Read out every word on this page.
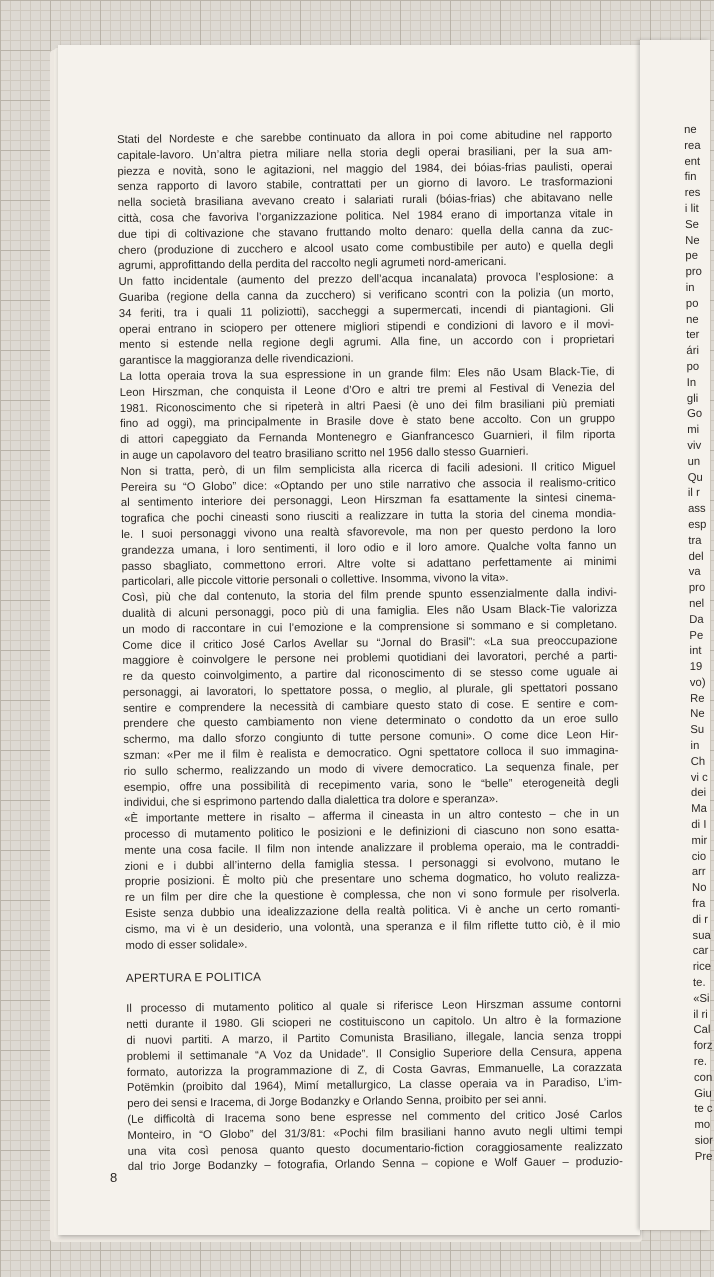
Stati del Nordeste e che sarebbe continuato da allora in poi come abitudine nel rapporto
capitale-lavoro. Un’altra pietra miliare nella storia degli operai brasiliani, per la sua am-
piezza e novità, sono le agitazioni, nel maggio del 1984, dei bóias-frias paulisti, operai
senza rapporto di lavoro stabile, contrattati per un giorno di lavoro. Le trasformazioni
nella società brasiliana avevano creato i salariati rurali (bóias-frias) che abitavano nelle
città, cosa che favoriva l’organizzazione politica. Nel 1984 erano di importanza vitale in
due tipi di coltivazione che stavano fruttando molto denaro: quella della canna da zuc-
chero (produzione di zucchero e alcool usato come combustibile per auto) e quella degli
agrumi, approfittando della perdita del raccolto negli agrumeti nord-americani.
Un fatto incidentale (aumento del prezzo dell’acqua incanalata) provoca l’esplosione: a
Guariba (regione della canna da zucchero) si verificano scontri con la polizia (un morto,
34 feriti, tra i quali 11 poliziotti), saccheggi a supermercati, incendi di piantagioni. Gli
operai entrano in sciopero per ottenere migliori stipendi e condizioni di lavoro e il movi-
mento si estende nella regione degli agrumi. Alla fine, un accordo con i proprietari
garantisce la maggioranza delle rivendicazioni.
La lotta operaia trova la sua espressione in un grande film: Eles não Usam Black-Tie, di
Leon Hirszman, che conquista il Leone d’Oro e altri tre premi al Festival di Venezia del
1981. Riconoscimento che si ripeterà in altri Paesi (è uno dei film brasiliani più premiati
fino ad oggi), ma principalmente in Brasile dove è stato bene accolto. Con un gruppo
di attori capeggiato da Fernanda Montenegro e Gianfrancesco Guarnieri, il film riporta
in auge un capolavoro del teatro brasiliano scritto nel 1956 dallo stesso Guarnieri.
Non si tratta, però, di un film semplicista alla ricerca di facili adesioni. Il critico Miguel
Pereira su “O Globo” dice: «Optando per uno stile narrativo che associa il realismo-critico
al sentimento interiore dei personaggi, Leon Hirszman fa esattamente la sintesi cinema-
tografica che pochi cineasti sono riusciti a realizzare in tutta la storia del cinema mondia-
le. I suoi personaggi vivono una realtà sfavorevole, ma non per questo perdono la loro
grandezza umana, i loro sentimenti, il loro odio e il loro amore. Qualche volta fanno un
passo sbagliato, commettono errori. Altre volte si adattano perfettamente ai minimi
particolari, alle piccole vittorie personali o collettive. Insomma, vivono la vita».
Così, più che dal contenuto, la storia del film prende spunto essenzialmente dalla indivi-
dualità di alcuni personaggi, poco più di una famiglia. Eles não Usam Black-Tie valorizza
un modo di raccontare in cui l’emozione e la comprensione si sommano e si completano.
Come dice il critico José Carlos Avellar su “Jornal do Brasil”: «La sua preoccupazione
maggiore è coinvolgere le persone nei problemi quotidiani dei lavoratori, perché a parti-
re da questo coinvolgimento, a partire dal riconoscimento di se stesso come uguale ai
personaggi, ai lavoratori, lo spettatore possa, o meglio, al plurale, gli spettatori possano
sentire e comprendere la necessità di cambiare questo stato di cose. E sentire e com-
prendere che questo cambiamento non viene determinato o condotto da un eroe sullo
schermo, ma dallo sforzo congiunto di tutte persone comuni». O come dice Leon Hir-
szman: «Per me il film è realista e democratico. Ogni spettatore colloca il suo immagina-
rio sullo schermo, realizzando un modo di vivere democratico. La sequenza finale, per
esempio, offre una possibilità di recepimento varia, sono le “belle” eterogeneità degli
individui, che si esprimono partendo dalla dialettica tra dolore e speranza».
«È importante mettere in risalto – afferma il cineasta in un altro contesto – che in un
processo di mutamento politico le posizioni e le definizioni di ciascuno non sono esatta-
mente una cosa facile. Il film non intende analizzare il problema operaio, ma le contraddi-
zioni e i dubbi all’interno della famiglia stessa. I personaggi si evolvono, mutano le
proprie posizioni. È molto più che presentare uno schema dogmatico, ho voluto realizza-
re un film per dire che la questione è complessa, che non vi sono formule per risolverla.
Esiste senza dubbio una idealizzazione della realtà politica. Vi è anche un certo romanti-
cismo, ma vi è un desiderio, una volontà, una speranza e il film riflette tutto ciò, è il mio
modo di esser solidale».
APERTURA E POLITICA
Il processo di mutamento politico al quale si riferisce Leon Hirszman assume contorni
netti durante il 1980. Gli scioperi ne costituiscono un capitolo. Un altro è la formazione
di nuovi partiti. A marzo, il Partito Comunista Brasiliano, illegale, lancia senza troppi
problemi il settimanale “A Voz da Unidade”. Il Consiglio Superiore della Censura, appena
formato, autorizza la programmazione di Z, di Costa Gavras, Emmanuelle, La corazzata
Potëmkin (proibito dal 1964), Mimí metallurgico, La classe operaia va in Paradiso, L’im-
pero dei sensi e Iracema, di Jorge Bodanzky e Orlando Senna, proibito per sei anni.
(Le difficoltà di Iracema sono bene espresse nel commento del critico José Carlos
Monteiro, in “O Globo” del 31/3/81: «Pochi film brasiliani hanno avuto negli ultimi tempi
una vita così penosa quanto questo documentario-fiction coraggiosamente realizzato
dal trio Jorge Bodanzky – fotografia, Orlando Senna – copione e Wolf Gauer – produzio-
8
ne
rea
ent
fin
res
i lit
Se
Ne
pe
pro
in
po
ne
ter
ári
po
In
gli
Go
mi
viv
un
Qu
il r
ass
esp
tra
del
va
pro
nel
Da
Pe
int
19
vo)
Re
Ne
Su
in
Ch
vi c
dei
Ma
di I
mir
cio
arr
No
fra
di r
sua
car
rice
te.
«Si
il ri
Cal
forz
re.
con
Giu
te c
mo
sior
Pre
